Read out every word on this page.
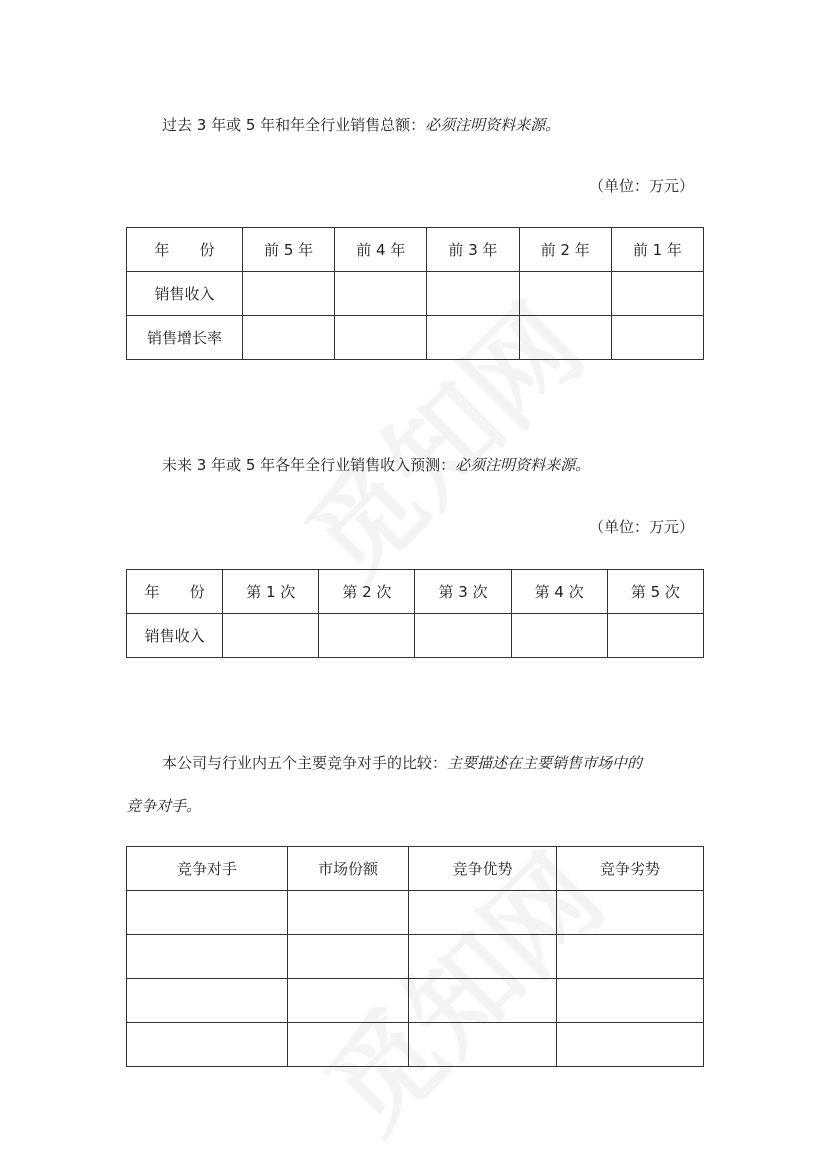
过去 3 年或 5 年和年全行业销售总额：必须注明资料来源。
（单位：万元）
年　　份	前 5 年	前 4 年	前 3 年	前 2 年	前 1 年
销售收入					
销售增长率					
未来 3 年或 5 年各年全行业销售收入预测：必须注明资料来源。
（单位：万元）
年　　份	第 1 次	第 2 次	第 3 次	第 4 次	第 5 次
销售收入					
本公司与行业内五个主要竞争对手的比较：主要描述在主要销售市场中的
竞争对手。
竞争对手	市场份额	竞争优势	竞争劣势
